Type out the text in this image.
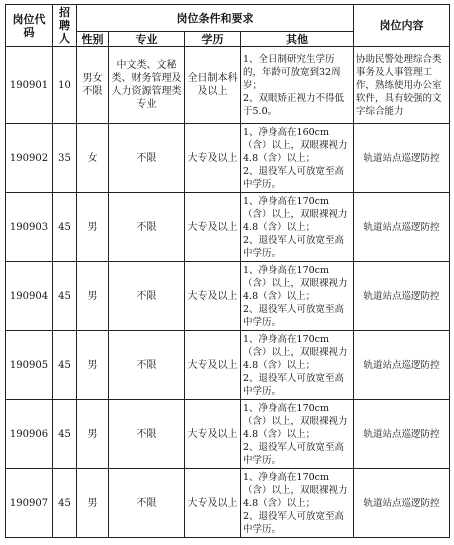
岗位代码	招聘人	岗位条件和要求				岗位内容
		性别	专业	学历	其他	
190901	10	男女不限	中文类、文秘类、财务管理及人力资源管理类专业	全日制本科及以上	1、全日制研究生学历的，年龄可放宽到32周岁；
2、双眼矫正视力不得低于5.0。	协助民警处理综合类事务及人事管理工作，熟练使用办公室软件，具有较强的文字综合能力
190902	35	女	不限	大专及以上	1、净身高在160cm（含）以上，双眼裸视力4.8（含）以上；
2、退役军人可放宽至高中学历。	轨道站点巡逻防控
190903	45	男	不限	大专及以上	1、净身高在170cm（含）以上，双眼裸视力4.8（含）以上；
2、退役军人可放宽至高中学历。	轨道站点巡逻防控
190904	45	男	不限	大专及以上	1、净身高在170cm（含）以上，双眼裸视力4.8（含）以上；
2、退役军人可放宽至高中学历。	轨道站点巡逻防控
190905	45	男	不限	大专及以上	1、净身高在170cm（含）以上，双眼裸视力4.8（含）以上；
2、退役军人可放宽至高中学历。	轨道站点巡逻防控
190906	45	男	不限	大专及以上	1、净身高在170cm（含）以上，双眼裸视力4.8（含）以上；
2、退役军人可放宽至高中学历。	轨道站点巡逻防控
190907	45	男	不限	大专及以上	1、净身高在170cm（含）以上，双眼裸视力4.8（含）以上；
2、退役军人可放宽至高中学历。	轨道站点巡逻防控
